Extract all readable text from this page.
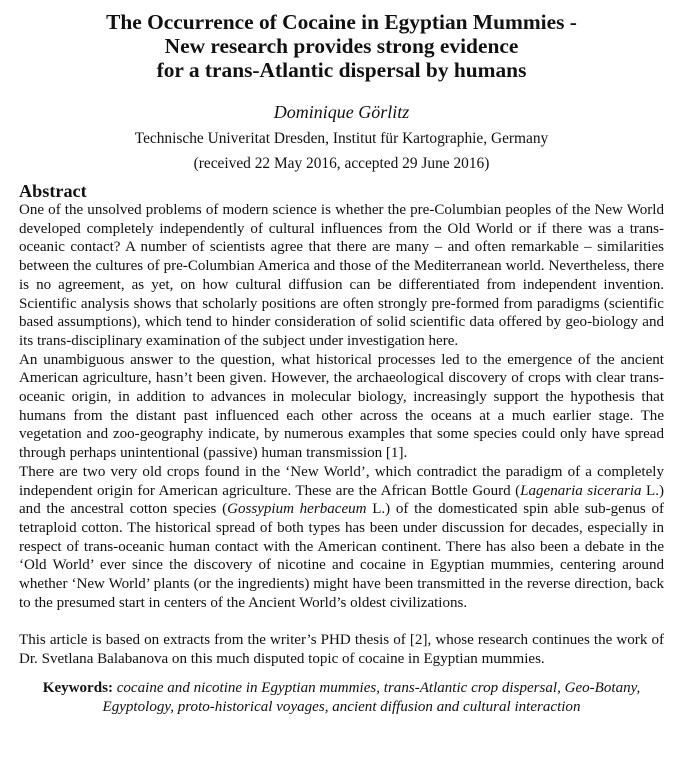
The Occurrence of Cocaine in Egyptian Mummies -
New research provides strong evidence
for a trans-Atlantic dispersal by humans
Dominique Görlitz
Technische Univeritat Dresden, Institut für Kartographie, Germany
(received 22 May 2016, accepted 29 June 2016)
Abstract

One of the unsolved problems of modern science is whether the pre-Columbian peoples of the New World developed completely independently of cultural influences from the Old World or if there was a trans-oceanic contact? A number of scientists agree that there are many – and often remarkable – similarities between the cultures of pre-Columbian America and those of the Mediterranean world. Nevertheless, there is no agreement, as yet, on how cultural diffusion can be differentiated from independent invention. Scientific analysis shows that scholarly positions are often strongly pre-formed from paradigms (scientific based assumptions), which tend to hinder consideration of solid scientific data offered by geo-biology and its trans-disciplinary examination of the subject under investigation here.

An unambiguous answer to the question, what historical processes led to the emergence of the ancient American agriculture, hasn’t been given. However, the archaeological discovery of crops with clear trans-oceanic origin, in addition to advances in molecular biology, increasingly support the hypothesis that humans from the distant past influenced each other across the oceans at a much earlier stage. The vegetation and zoo-geography indicate, by numerous examples that some species could only have spread through perhaps unintentional (passive) human transmission [1].

There are two very old crops found in the ‘New World’, which contradict the paradigm of a completely independent origin for American agriculture. These are the African Bottle Gourd (Lagenaria siceraria L.) and the ancestral cotton species (Gossypium herbaceum L.) of the domesticated spin able sub-genus of tetraploid cotton. The historical spread of both types has been under discussion for decades, especially in respect of trans-oceanic human contact with the American continent. There has also been a debate in the ‘Old World’ ever since the discovery of nicotine and cocaine in Egyptian mummies, centering around whether ‘New World’ plants (or the ingredients) might have been transmitted in the reverse direction, back to the presumed start in centers of the Ancient World’s oldest civilizations.

This article is based on extracts from the writer’s PHD thesis of [2], whose research continues the work of Dr. Svetlana Balabanova on this much disputed topic of cocaine in Egyptian mummies.

Keywords: cocaine and nicotine in Egyptian mummies, trans-Atlantic crop dispersal, Geo-Botany, Egyptology, proto-historical voyages, ancient diffusion and cultural interaction
